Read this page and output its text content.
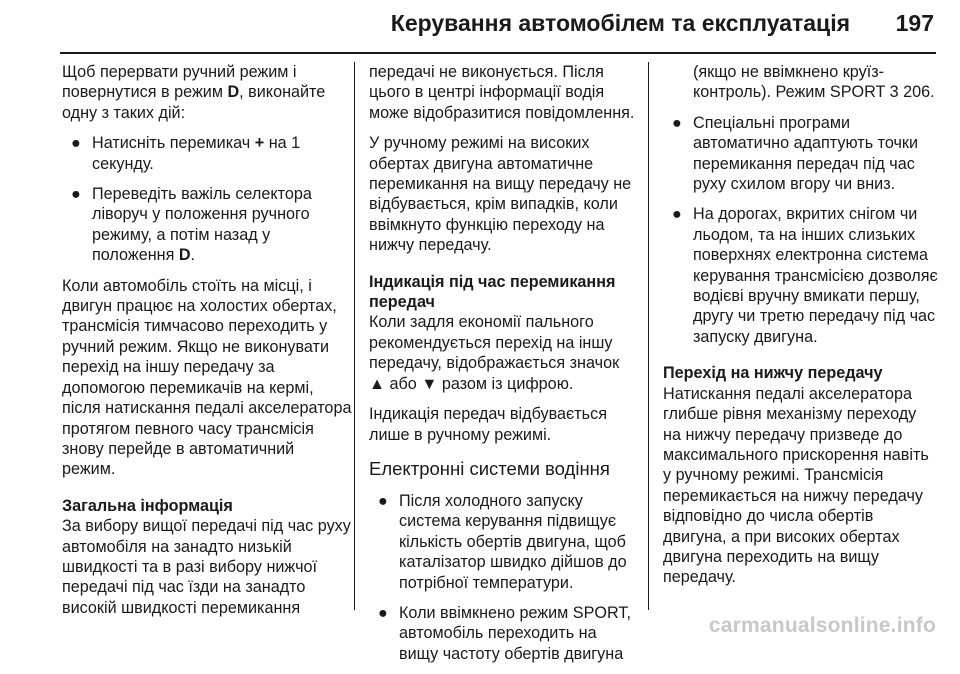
Керування автомобілем та експлуатація 197

Щоб перервати ручний режим і повернутися в режим D, виконайте одну з таких дій:

● Натисніть перемикач + на 1 секунду.
● Переведіть важіль селектора ліворуч у положення ручного режиму, а потім назад у положення D.

Коли автомобіль стоїть на місці, і двигун працює на холостих обертах, трансмісія тимчасово переходить у ручний режим. Якщо не виконувати перехід на іншу передачу за допомогою перемикачів на кермі, після натискання педалі акселератора протягом певного часу трансмісія знову перейде в автоматичний режим.

Загальна інформація

За вибору вищої передачі під час руху автомобіля на занадто низькій швидкості та в разі вибору нижчої передачі під час їзди на занадто високій швидкості перемикання

передачі не виконується. Після цього в центрі інформації водія може відобразитися повідомлення.

У ручному режимі на високих обертах двигуна автоматичне перемикання на вищу передачу не відбувається, крім випадків, коли ввімкнуто функцію переходу на нижчу передачу.

Індикація під час перемикання передач

Коли задля економії пального рекомендується перехід на іншу передачу, відображається значок ▲ або ▼ разом із цифрою.

Індикація передач відбувається лише в ручному режимі.

Електронні системи водіння
● Після холодного запуску система керування підвищує кількість обертів двигуна, щоб каталізатор швидко дійшов до потрібної температури.
● Коли ввімкнено режим SPORT, автомобіль переходить на вищу частоту обертів двигуна
(якщо не ввімкнено круїз-контроль). Режим SPORT 3 206.
● Спеціальні програми автоматично адаптують точки перемикання передач під час руху схилом вгору чи вниз.
● На дорогах, вкритих снігом чи льодом, та на інших слизьких поверхнях електронна система керування трансмісією дозволяє водієві вручну вмикати першу, другу чи третю передачу під час запуску двигуна.
Перехід на нижчу передачу

Натискання педалі акселератора глибше рівня механізму переходу на нижчу передачу призведе до максимального прискорення навіть у ручному режимі. Трансмісія перемикається на нижчу передачу відповідно до числа обертів двигуна, а при високих обертах двигуна переходить на вищу передачу.

carmanualsonline.info
